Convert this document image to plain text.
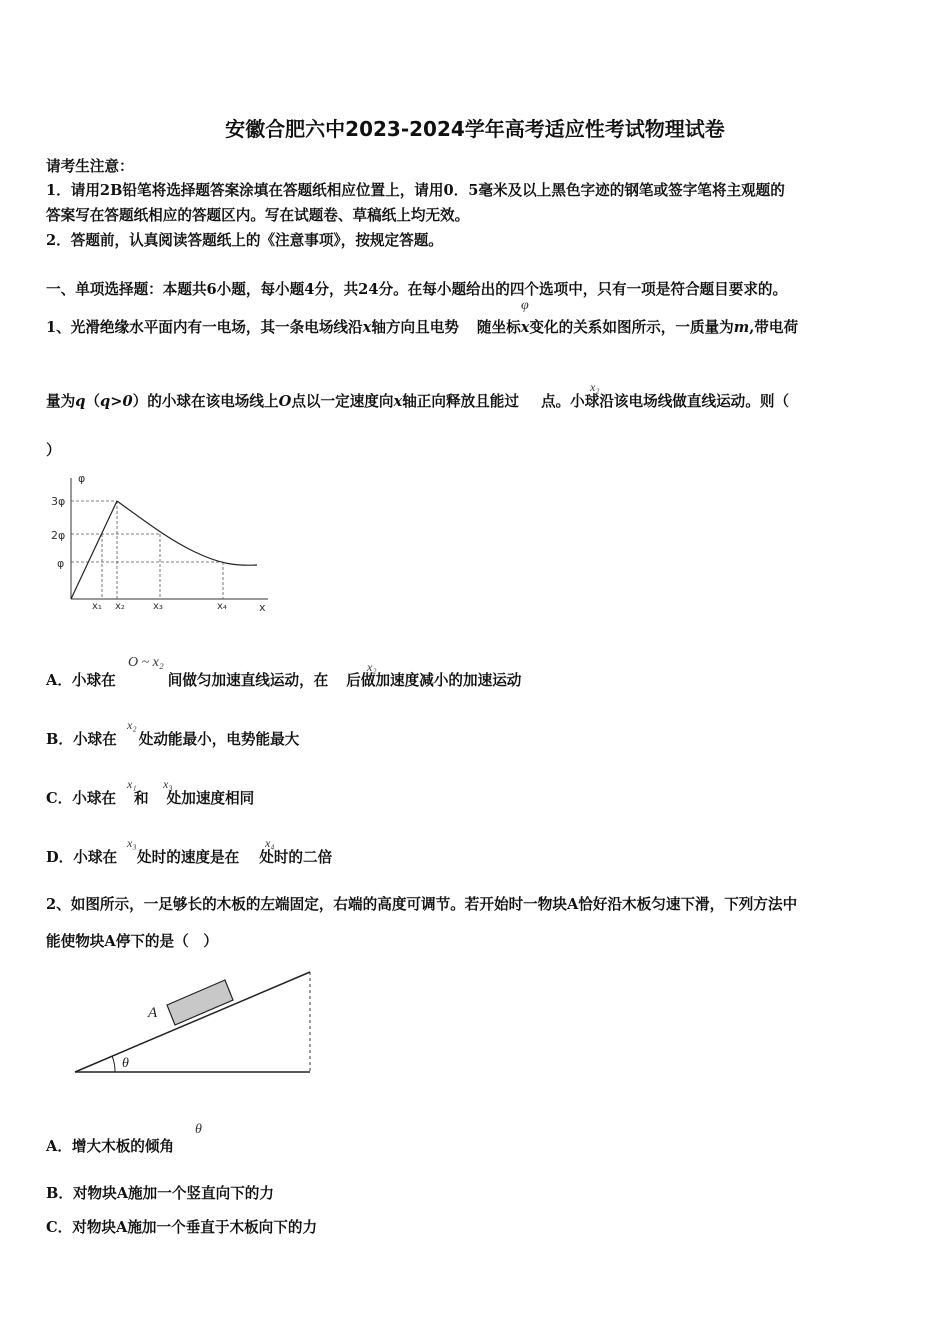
安徽合肥六中2023-2024学年高考适应性考试物理试卷
请考生注意：
1．请用2B铅笔将选择题答案涂填在答题纸相应位置上，请用0．5毫米及以上黑色字迹的钢笔或签字笔将主观题的
答案写在答题纸相应的答题区内。写在试题卷、草稿纸上均无效。
2．答题前，认真阅读答题纸上的《注意事项》，按规定答题。
一、单项选择题：本题共6小题，每小题4分，共24分。在每小题给出的四个选项中，只有一项是符合题目要求的。
1、光滑绝缘水平面内有一电场，其一条电场线沿x轴方向且电势 随坐标x变化的关系如图所示，一质量为m,带电荷
φ
量为q（q>0）的小球在该电场线上O点以一定速度向x轴正向释放且能过 点。小球沿该电场线做直线运动。则（
x₂
）
φ
x
3φ
2φ
φ
x₁ x₂	x₃	x₄
A．小球在	间做匀加速直线运动，在 后做加速度减小的加速运动
O ~ x₂	x₂
B．小球在 处动能最小，电势能最大
x₂
C．小球在 和 处加速度相同
x₁ x₃
D．小球在 处时的速度是在 处时的二倍
x₃	x₄
2、如图所示，一足够长的木板的左端固定，右端的高度可调节。若开始时一物块A恰好沿木板匀速下滑，下列方法中
能使物块A停下的是（　）
A
θ
A．增大木板的倾角
θ
B．对物块A施加一个竖直向下的力
C．对物块A施加一个垂直于木板向下的力
